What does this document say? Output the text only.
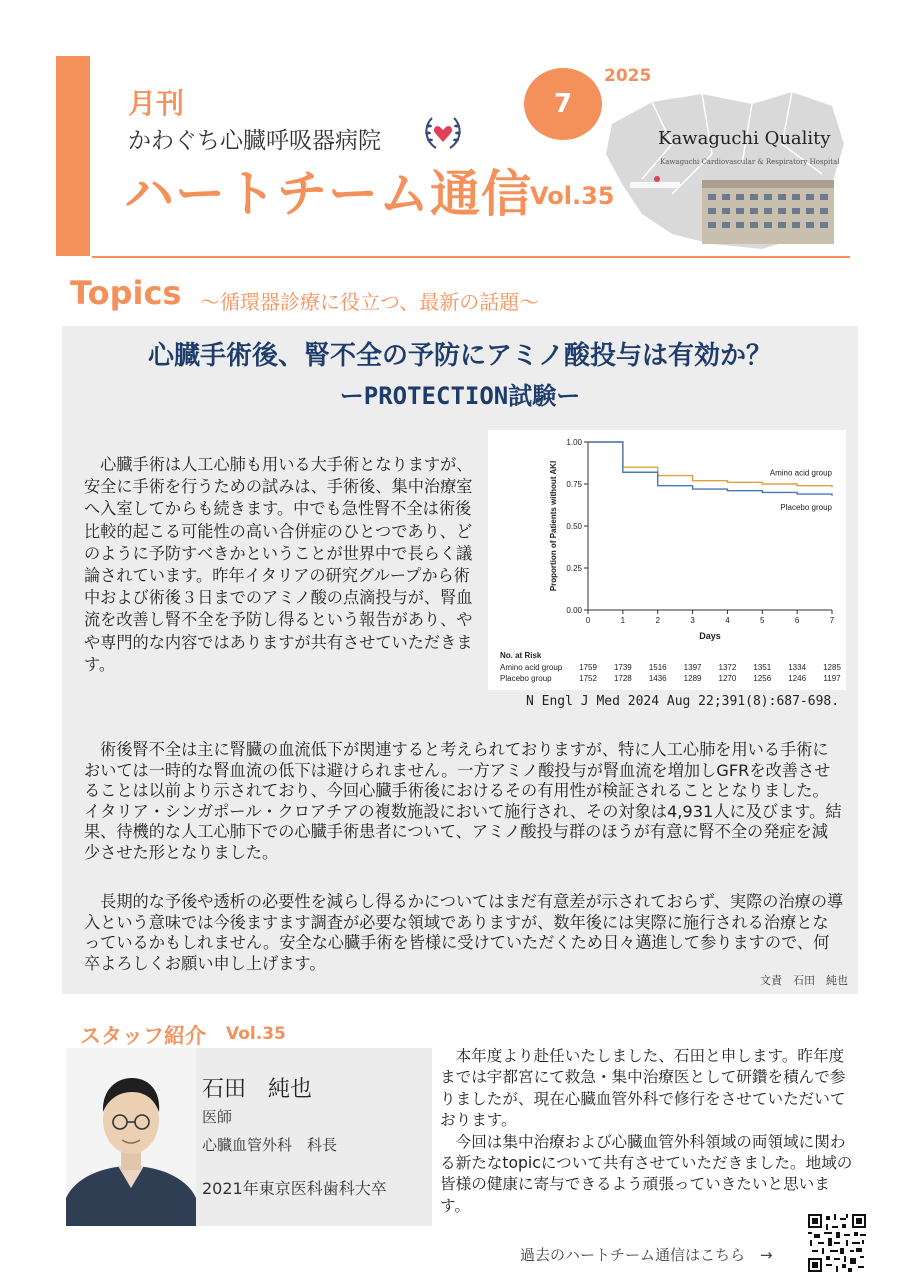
月刊
かわぐち心臓呼吸器病院
ハートチーム通信
Vol.35
7
2025
Kawaguchi Quality
Kawaguchi Cardiovascular & Respiratory Hospital
Topics ～循環器診療に役立つ、最新の話題～
心臓手術後、腎不全の予防にアミノ酸投与は有効か？
ーPROTECTION試験ー
　心臓手術は人工心肺も用いる大手術となりますが、安全に手術を行うための試みは、手術後、集中治療室へ入室してからも続きます。中でも急性腎不全は術後比較的起こる可能性の高い合併症のひとつであり、どのように予防すべきかということが世界中で長らく議論されています。昨年イタリアの研究グループから術中および術後３日までのアミノ酸の点滴投与が、腎血流を改善し腎不全を予防し得るという報告があり、やや専門的な内容ではありますが共有させていただきます。
0.00
0.25
0.50
0.75
1.00
0	1	2	3	4	5	6	7
Days
Proportion of Patients without AKI	Amino acid group
Placebo group
No. at Risk
Amino acid group 1759 1739 1516 1397 1372 1351 1334 1285
Placebo group	1752 1728 1436 1289 1270 1256 1246 1197
N Engl J Med 2024 Aug 22;391(8):687-698.
　術後腎不全は主に腎臓の血流低下が関連すると考えられておりますが、特に人工心肺を用いる手術においては一時的な腎血流の低下は避けられません。一方アミノ酸投与が腎血流を増加しGFRを改善させることは以前より示されており、今回心臓手術後におけるその有用性が検証されることとなりました。イタリア・シンガポール・クロアチアの複数施設において施行され、その対象は4,931人に及びます。結果、待機的な人工心肺下での心臓手術患者について、アミノ酸投与群のほうが有意に腎不全の発症を減少させた形となりました。
　長期的な予後や透析の必要性を減らし得るかについてはまだ有意差が示されておらず、実際の治療の導入という意味では今後ますます調査が必要な領域でありますが、数年後には実際に施行される治療となっているかもしれません。安全な心臓手術を皆様に受けていただくため日々邁進して参りますので、何卒よろしくお願い申し上げます。
文責　石田　純也
スタッフ紹介 Vol.35
石田　純也
医師
心臓血管外科　科長
2021年東京医科歯科大卒
　本年度より赴任いたしました、石田と申します。昨年度までは宇都宮にて救急・集中治療医として研鑽を積んで参りましたが、現在心臓血管外科で修行をさせていただいております。
　今回は集中治療および心臓血管外科領域の両領域に関わる新たなtopicについて共有させていただきました。地域の皆様の健康に寄与できるよう頑張っていきたいと思います。
過去のハートチーム通信はこちら　→
